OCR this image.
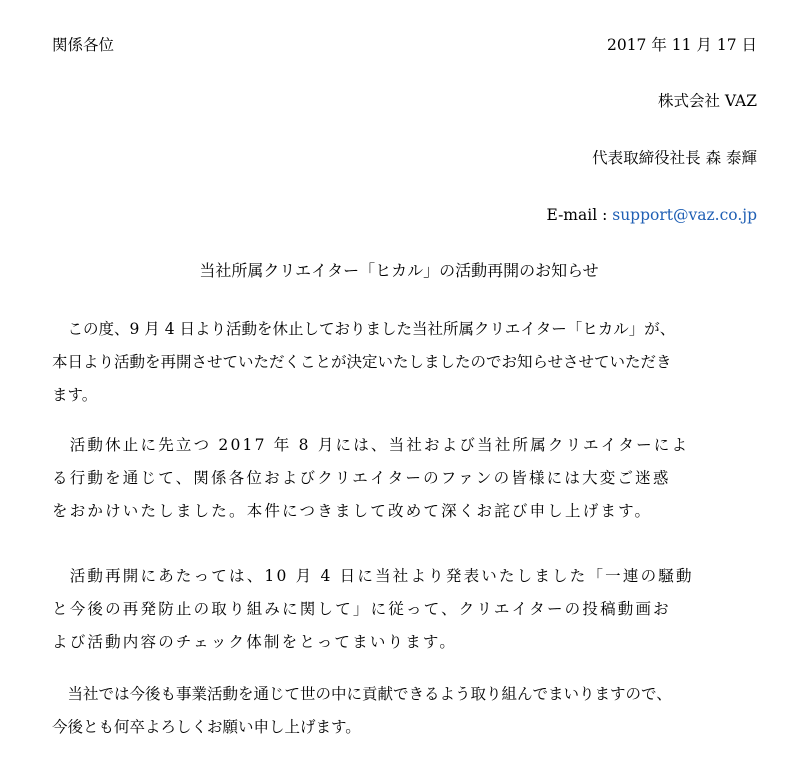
関係各位	2017 年 11 月 17 日
株式会社 VAZ
代表取締役社長 森 泰輝
E-mail : support@vaz.co.jp
当社所属クリエイター「ヒカル」の活動再開のお知らせ
　この度、9 月 4 日より活動を休止しておりました当社所属クリエイター「ヒカル」が、
本日より活動を再開させていただくことが決定いたしましたのでお知らせさせていただき
ます。
　活動休止に先立つ 2017 年 8 月には、当社および当社所属クリエイターによ
る行動を通じて、関係各位およびクリエイターのファンの皆様には大変ご迷惑
をおかけいたしました。本件につきまして改めて深くお詫び申し上げます。
　活動再開にあたっては、10 月 4 日に当社より発表いたしました「一連の騒動
と今後の再発防止の取り組みに関して」に従って、クリエイターの投稿動画お
よび活動内容のチェック体制をとってまいります。
　当社では今後も事業活動を通じて世の中に貢献できるよう取り組んでまいりますので、
今後とも何卒よろしくお願い申し上げます。
